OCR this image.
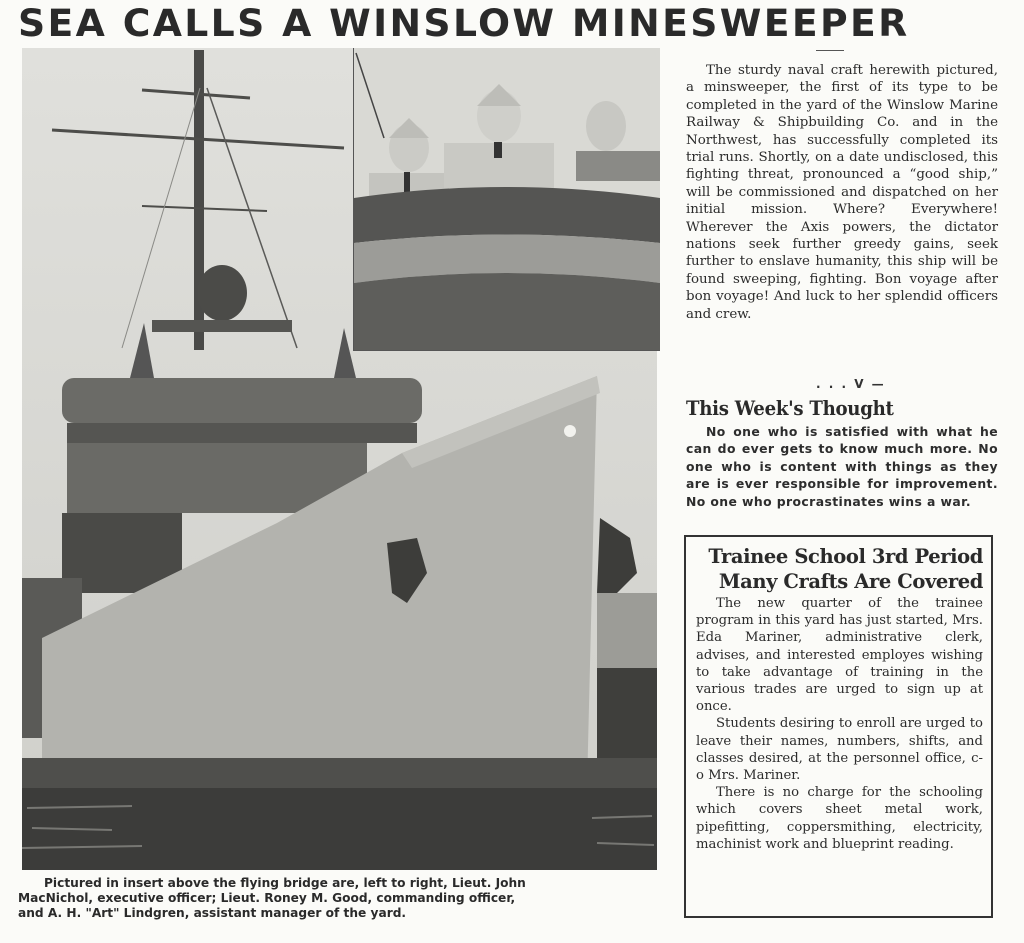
SEA CALLS A WINSLOW MINESWEEPER
Pictured in insert above the flying bridge are, left to right, Lieut. John
MacNichol, executive officer; Lieut. Roney M. Good, commanding officer,
and A. H. "Art" Lindgren, assistant manager of the yard.

The sturdy naval craft herewith pictured, a minsweeper, the first of its type to be completed in the yard of the Winslow Marine Railway & Shipbuilding Co. and in the Northwest, has successfully completed its trial runs. Shortly, on a date undisclosed, this fighting threat, pronounced a “good ship,” will be commissioned and dispatched on her initial mission. Where? Everywhere! Wherever the Axis powers, the dictator nations seek further greedy gains, seek further to enslave humanity, this ship will be found sweeping, fighting. Bon voyage after bon voyage! And luck to her splendid officers and crew.

. . . V —
This Week's Thought

No one who is satisfied with what he can do ever gets to know much more. No one who is content with things as they are is ever responsible for improvement. No one who procrastinates wins a war.

Trainee School 3rd Period
Many Crafts Are Covered

The new quarter of the trainee program in this yard has just started, Mrs. Eda Mariner, administrative clerk, advises, and interested employes wishing to take advantage of training in the various trades are urged to sign up at once.

Students desiring to enroll are urged to leave their names, numbers, shifts, and classes desired, at the personnel office, c-o Mrs. Mariner.

There is no charge for the schooling which covers sheet metal work, pipefitting, coppersmithing, electricity, machinist work and blueprint reading.
